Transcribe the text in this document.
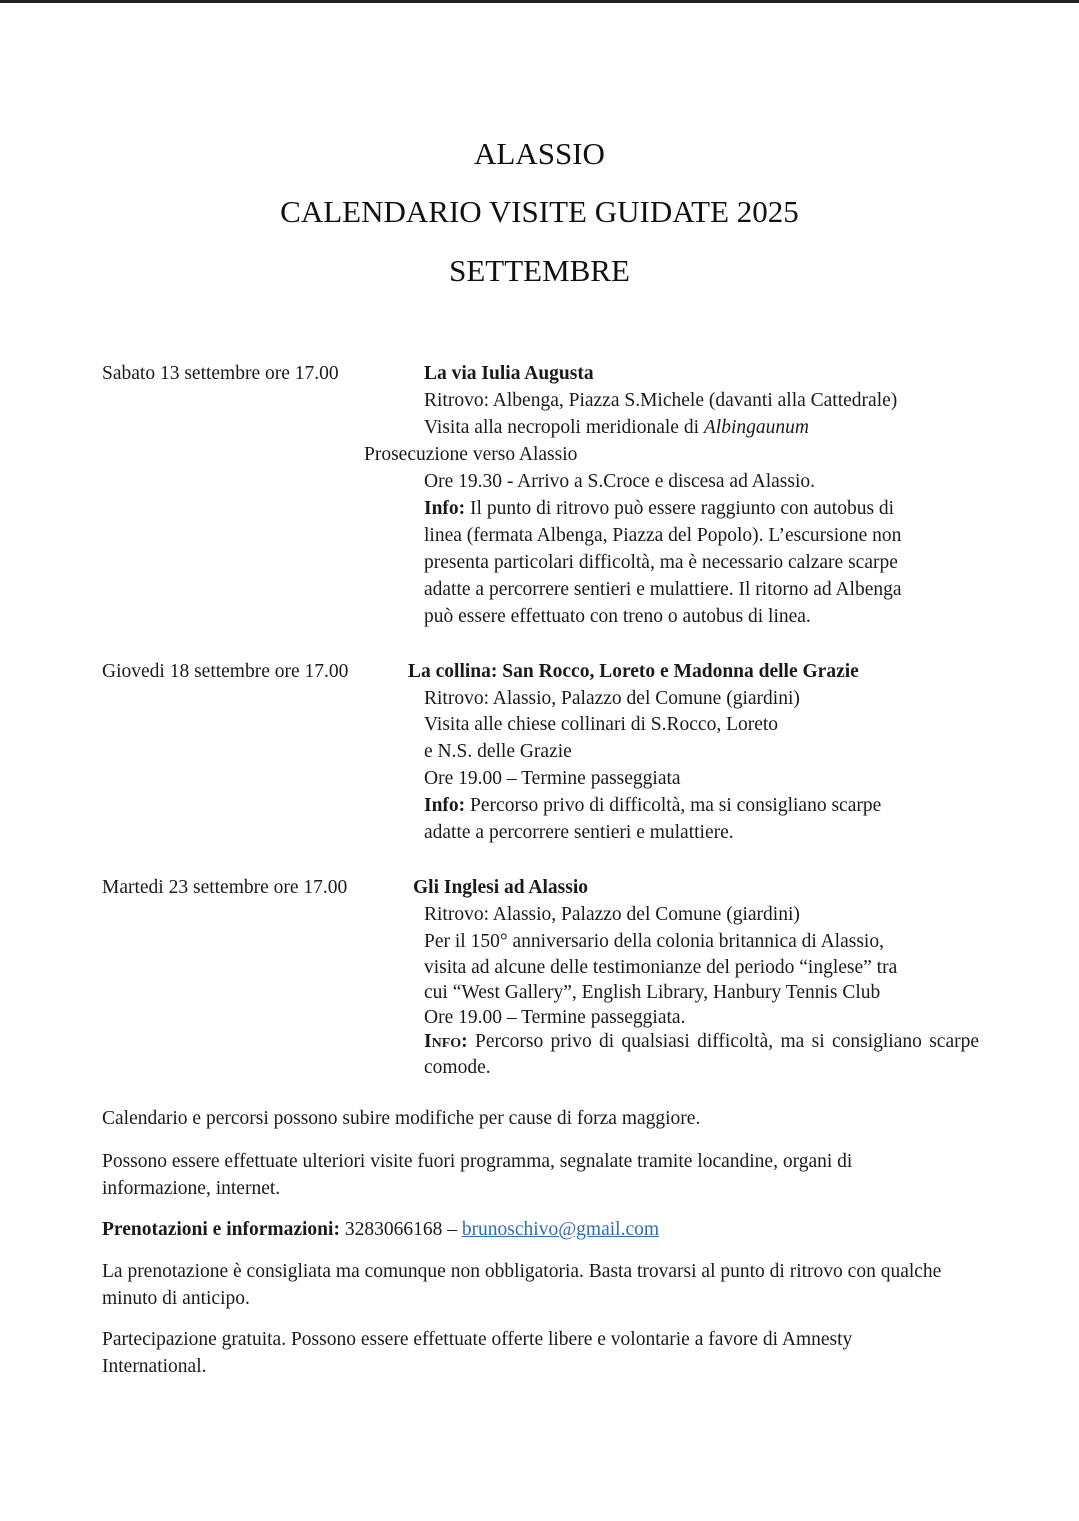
ALASSIO
CALENDARIO VISITE GUIDATE 2025
SETTEMBRE
Sabato 13 settembre ore 17.00	La via Iulia Augusta
Ritrovo: Albenga, Piazza S.Michele (davanti alla Cattedrale)
Visita alla necropoli meridionale di Albingaunum
Prosecuzione verso Alassio
Ore 19.30 - Arrivo a S.Croce e discesa ad Alassio.
Info: Il punto di ritrovo può essere raggiunto con autobus di
linea (fermata Albenga, Piazza del Popolo). L’escursione non
presenta particolari difficoltà, ma è necessario calzare scarpe
adatte a percorrere sentieri e mulattiere. Il ritorno ad Albenga
può essere effettuato con treno o autobus di linea.
Giovedi 18 settembre ore 17.00	La collina: San Rocco, Loreto e Madonna delle Grazie
Ritrovo: Alassio, Palazzo del Comune (giardini)
Visita alle chiese collinari di S.Rocco, Loreto
e N.S. delle Grazie
Ore 19.00 – Termine passeggiata
Info: Percorso privo di difficoltà, ma si consigliano scarpe
adatte a percorrere sentieri e mulattiere.
Martedi 23 settembre ore 17.00	Gli Inglesi ad Alassio
Ritrovo: Alassio, Palazzo del Comune (giardini)
Per il 150° anniversario della colonia britannica di Alassio,
visita ad alcune delle testimonianze del periodo “inglese” tra
cui “West Gallery”, English Library, Hanbury Tennis Club
Ore 19.00 – Termine passeggiata.
Info: Percorso privo di qualsiasi difficoltà, ma si consigliano scarpe comode.
Calendario e percorsi possono subire modifiche per cause di forza maggiore.
Possono essere effettuate ulteriori visite fuori programma, segnalate tramite locandine, organi di informazione, internet.
Prenotazioni e informazioni: 3283066168 – brunoschivo@gmail.com
La prenotazione è consigliata ma comunque non obbligatoria. Basta trovarsi al punto di ritrovo con qualche minuto di anticipo.
Partecipazione gratuita. Possono essere effettuate offerte libere e volontarie a favore di Amnesty International.
